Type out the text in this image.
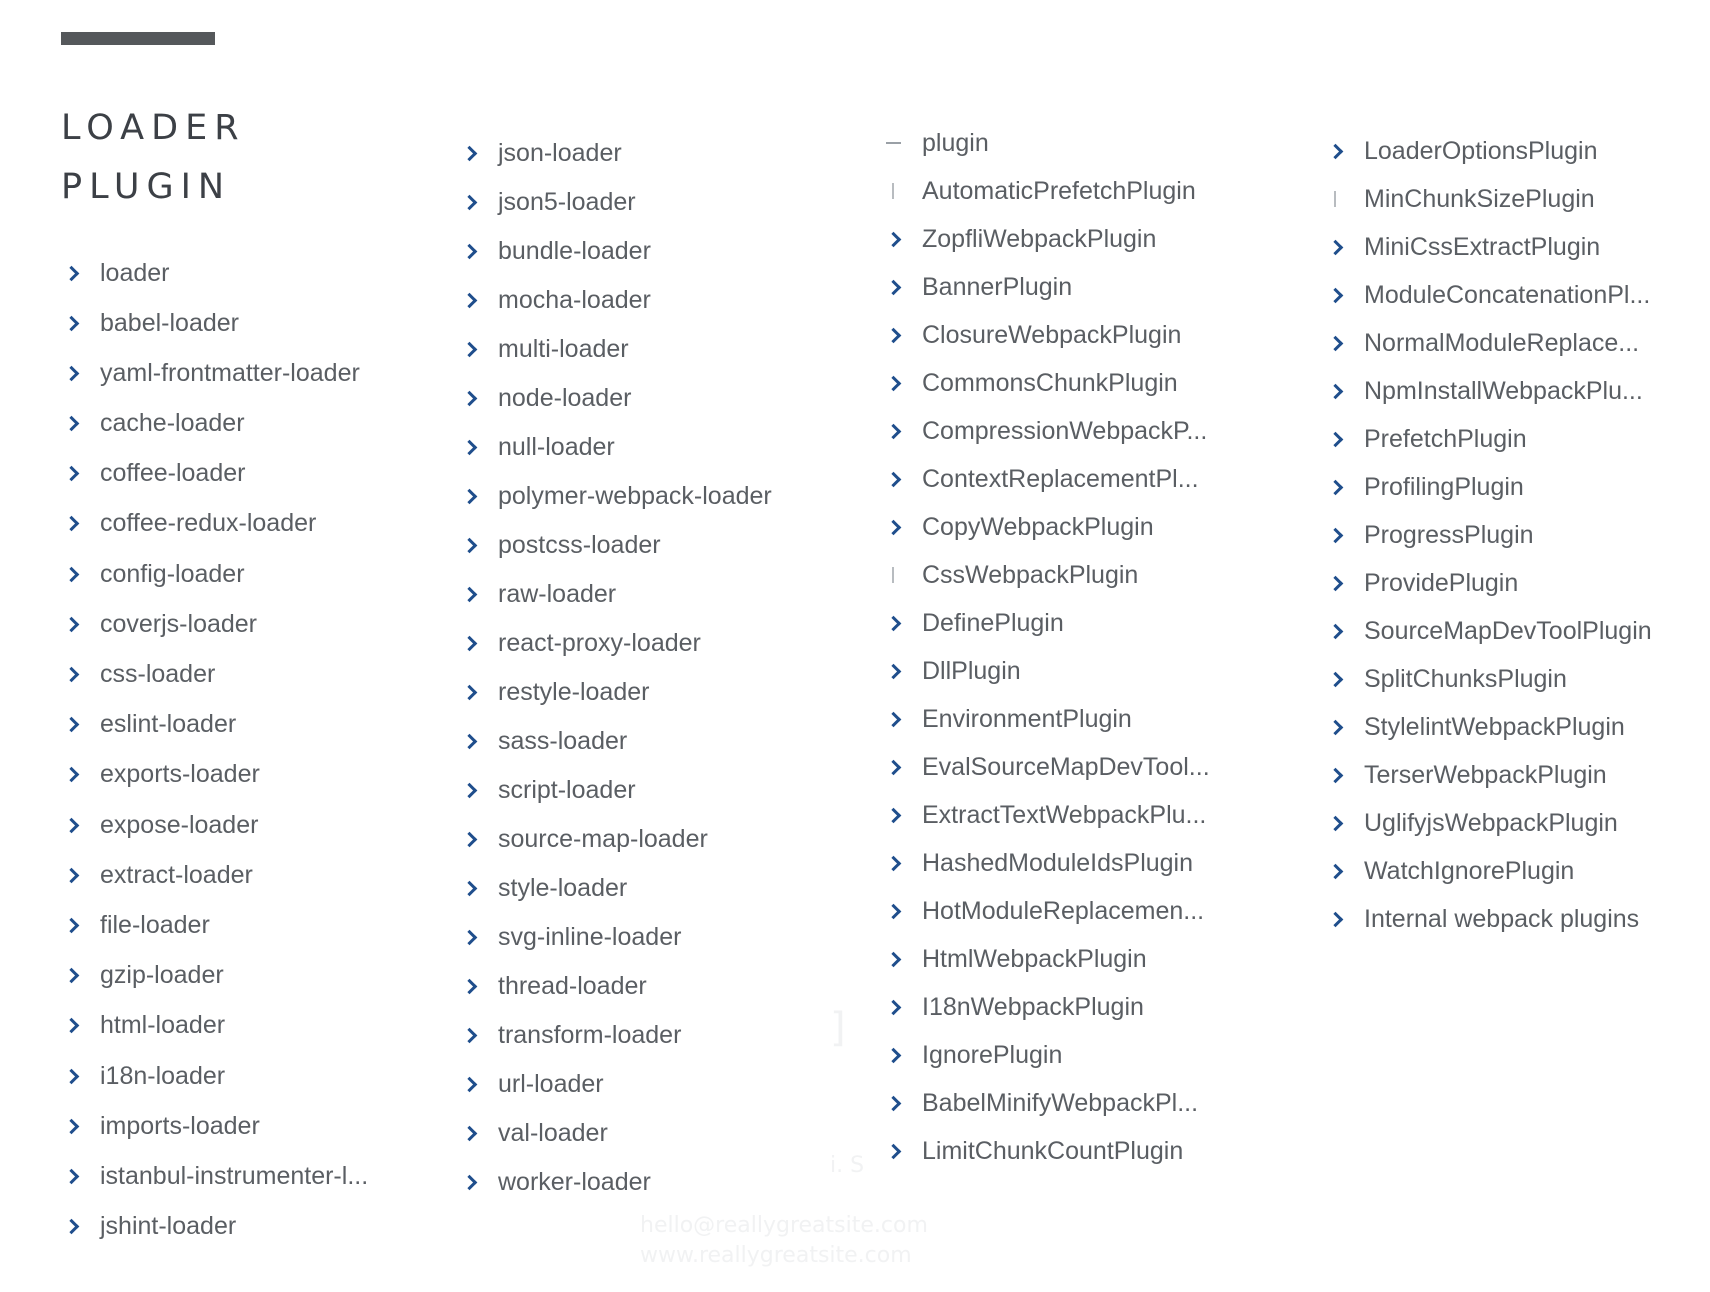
LOADER
PLUGIN
loader
babel-loader
yaml-frontmatter-loader
cache-loader
coffee-loader
coffee-redux-loader
config-loader
coverjs-loader
css-loader
eslint-loader
exports-loader
expose-loader
extract-loader
file-loader
gzip-loader
html-loader
i18n-loader
imports-loader
istanbul-instrumenter-l...
jshint-loader
json-loader
json5-loader
bundle-loader
mocha-loader
multi-loader
node-loader
null-loader
polymer-webpack-loader
postcss-loader
raw-loader
react-proxy-loader
restyle-loader
sass-loader
script-loader
source-map-loader
style-loader
svg-inline-loader
thread-loader
transform-loader
url-loader
val-loader
worker-loader
plugin
AutomaticPrefetchPlugin
ZopfliWebpackPlugin
BannerPlugin
ClosureWebpackPlugin
CommonsChunkPlugin
CompressionWebpackP...
ContextReplacementPl...
CopyWebpackPlugin
CssWebpackPlugin
DefinePlugin
DllPlugin
EnvironmentPlugin
EvalSourceMapDevTool...
ExtractTextWebpackPlu...
HashedModuleIdsPlugin
HotModuleReplacemen...
HtmlWebpackPlugin
I18nWebpackPlugin
IgnorePlugin
BabelMinifyWebpackPl...
LimitChunkCountPlugin
LoaderOptionsPlugin
MinChunkSizePlugin
MiniCssExtractPlugin
ModuleConcatenationPl...
NormalModuleReplace...
NpmInstallWebpackPlu...
PrefetchPlugin
ProfilingPlugin
ProgressPlugin
ProvidePlugin
SourceMapDevToolPlugin
SplitChunksPlugin
StylelintWebpackPlugin
TerserWebpackPlugin
UglifyjsWebpackPlugin
WatchIgnorePlugin
Internal webpack plugins
]
i. S
hello@reallygreatsite.com
www.reallygreatsite.com
